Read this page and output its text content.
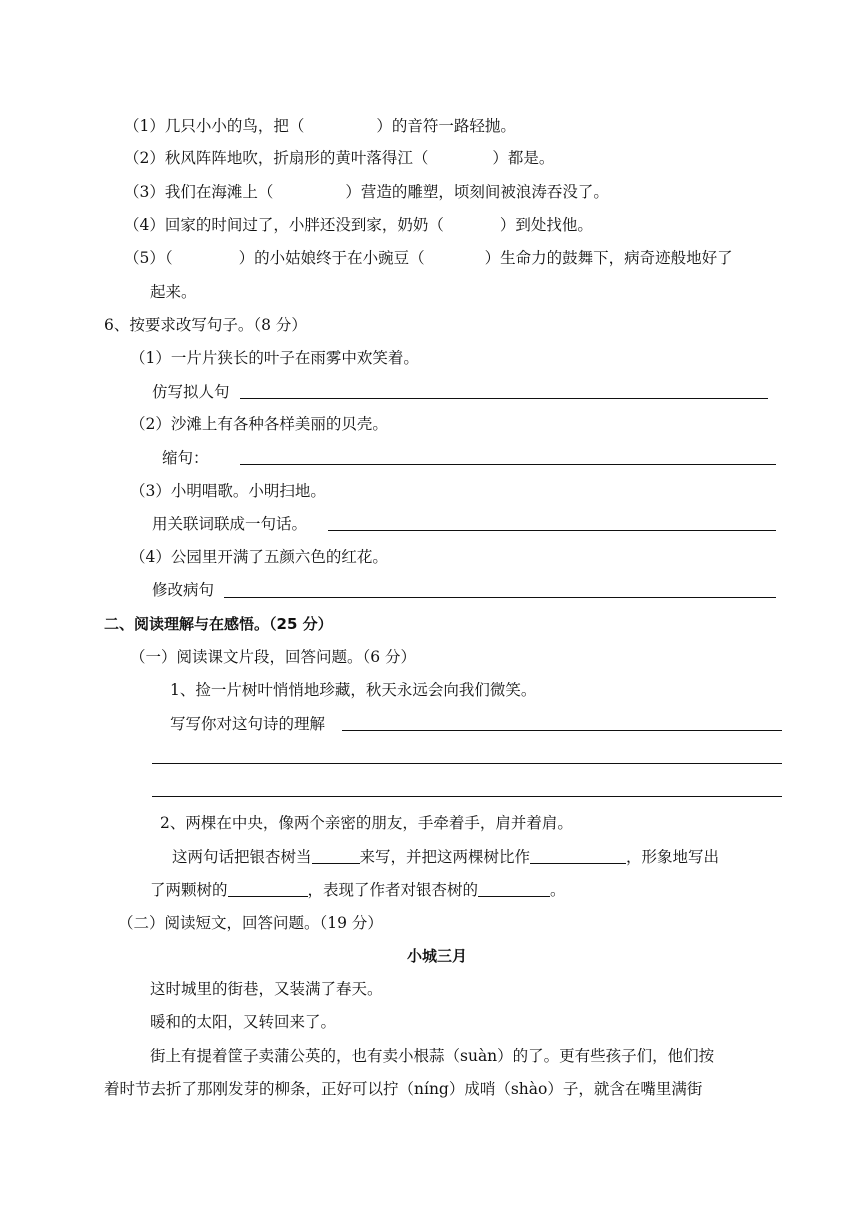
（1）几只小小的鸟，把（	）的音符一路轻抛。
（2）秋风阵阵地吹，折扇形的黄叶落得江（	）都是。
（3）我们在海滩上（	）营造的雕塑，顷刻间被浪涛吞没了。
（4）回家的时间过了，小胖还没到家，奶奶（	）到处找他。
（5）（	）的小姑娘终于在小豌豆（	）生命力的鼓舞下，病奇迹般地好了
起来。
6、按要求改写句子。（8 分）
（1）一片片狭长的叶子在雨雾中欢笑着。
仿写拟人句
（2）沙滩上有各种各样美丽的贝壳。
缩句：
（3）小明唱歌。小明扫地。
用关联词联成一句话。
（4）公园里开满了五颜六色的红花。
修改病句
二、阅读理解与在感悟。（25 分）
（一）阅读课文片段，回答问题。（6 分）
1、捡一片树叶悄悄地珍藏，秋天永远会向我们微笑。
写写你对这句诗的理解
2、两棵在中央，像两个亲密的朋友，手牵着手，肩并着肩。
这两句话把银杏树当	来写，并把这两棵树比作	，形象地写出
了两颗树的	，表现了作者对银杏树的	。
（二）阅读短文，回答问题。（19 分）
小城三月
这时城里的街巷，又装满了春天。
暖和的太阳，又转回来了。
街上有提着筐子卖蒲公英的，也有卖小根蒜（suàn）的了。更有些孩子们，他们按
着时节去折了那刚发芽的柳条，正好可以拧（níng）成哨（shào）子，就含在嘴里满街
